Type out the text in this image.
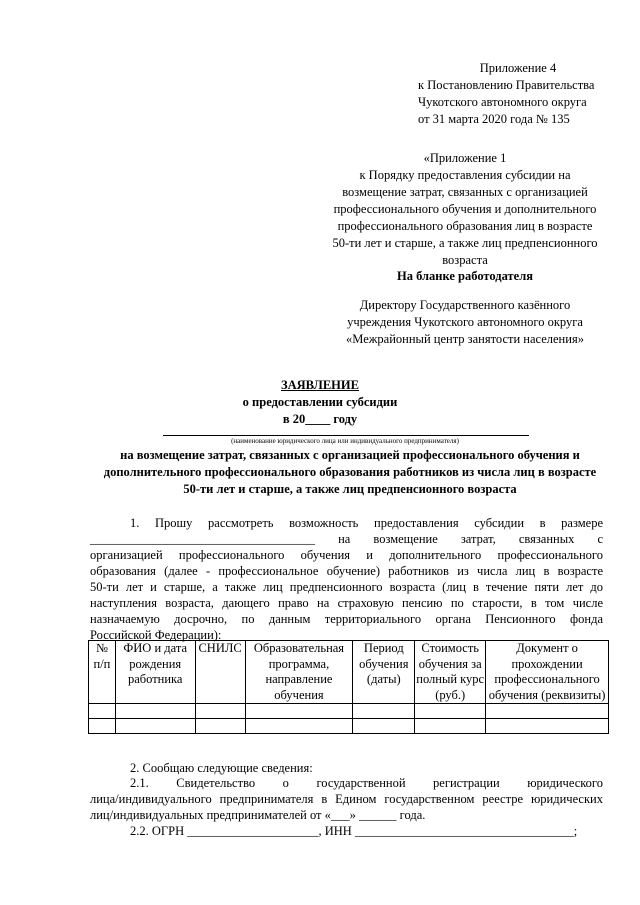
Приложение 4
к Постановлению Правительства
Чукотского автономного округа
от 31 марта 2020 года № 135
«Приложение 1
к Порядку предоставления субсидии на
возмещение затрат, связанных с организацией
профессионального обучения и дополнительного
профессионального образования лиц в возрасте
50-ти лет и старше, а также лиц предпенсионного
возраста
На бланке работодателя
Директору Государственного казённого
учреждения Чукотского автономного округа
«Межрайонный центр занятости населения»
ЗАЯВЛЕНИЕ
о предоставлении субсидии
в 20____ году
(наименование юридического лица или индивидуального предпринимателя)
на возмещение затрат, связанных с организацией профессионального обучения и
дополнительного профессионального образования работников из числа лиц в возрасте
50-ти лет и старше, а также лиц предпенсионного возраста
1. Прошу рассмотреть возможность предоставления субсидии в размере
____________________________________ на возмещение затрат, связанных с
организацией профессионального обучения и дополнительного профессионального
образования (далее - профессиональное обучение) работников из числа лиц в возрасте
50-ти лет и старше, а также лиц предпенсионного возраста (лиц в течение пяти лет до
наступления возраста, дающего право на страховую пенсию по старости, в том числе
назначаемую досрочно, по данным территориального органа Пенсионного фонда
Российской Федерации):
№ п/п	ФИО и дата рождения работника	СНИЛС	Образовательная программа, направление обучения	Период обучения (даты)	Стоимость обучения за полный курс (руб.)	Документ о прохождении профессионального обучения (реквизиты)

2. Сообщаю следующие сведения:
2.1. Свидетельство о государственной регистрации юридического
лица/индивидуального предпринимателя в Едином государственном реестре юридических
лиц/индивидуальных предпринимателей от «___» ______ года.
2.2. ОГРН _____________________, ИНН ___________________________________;
